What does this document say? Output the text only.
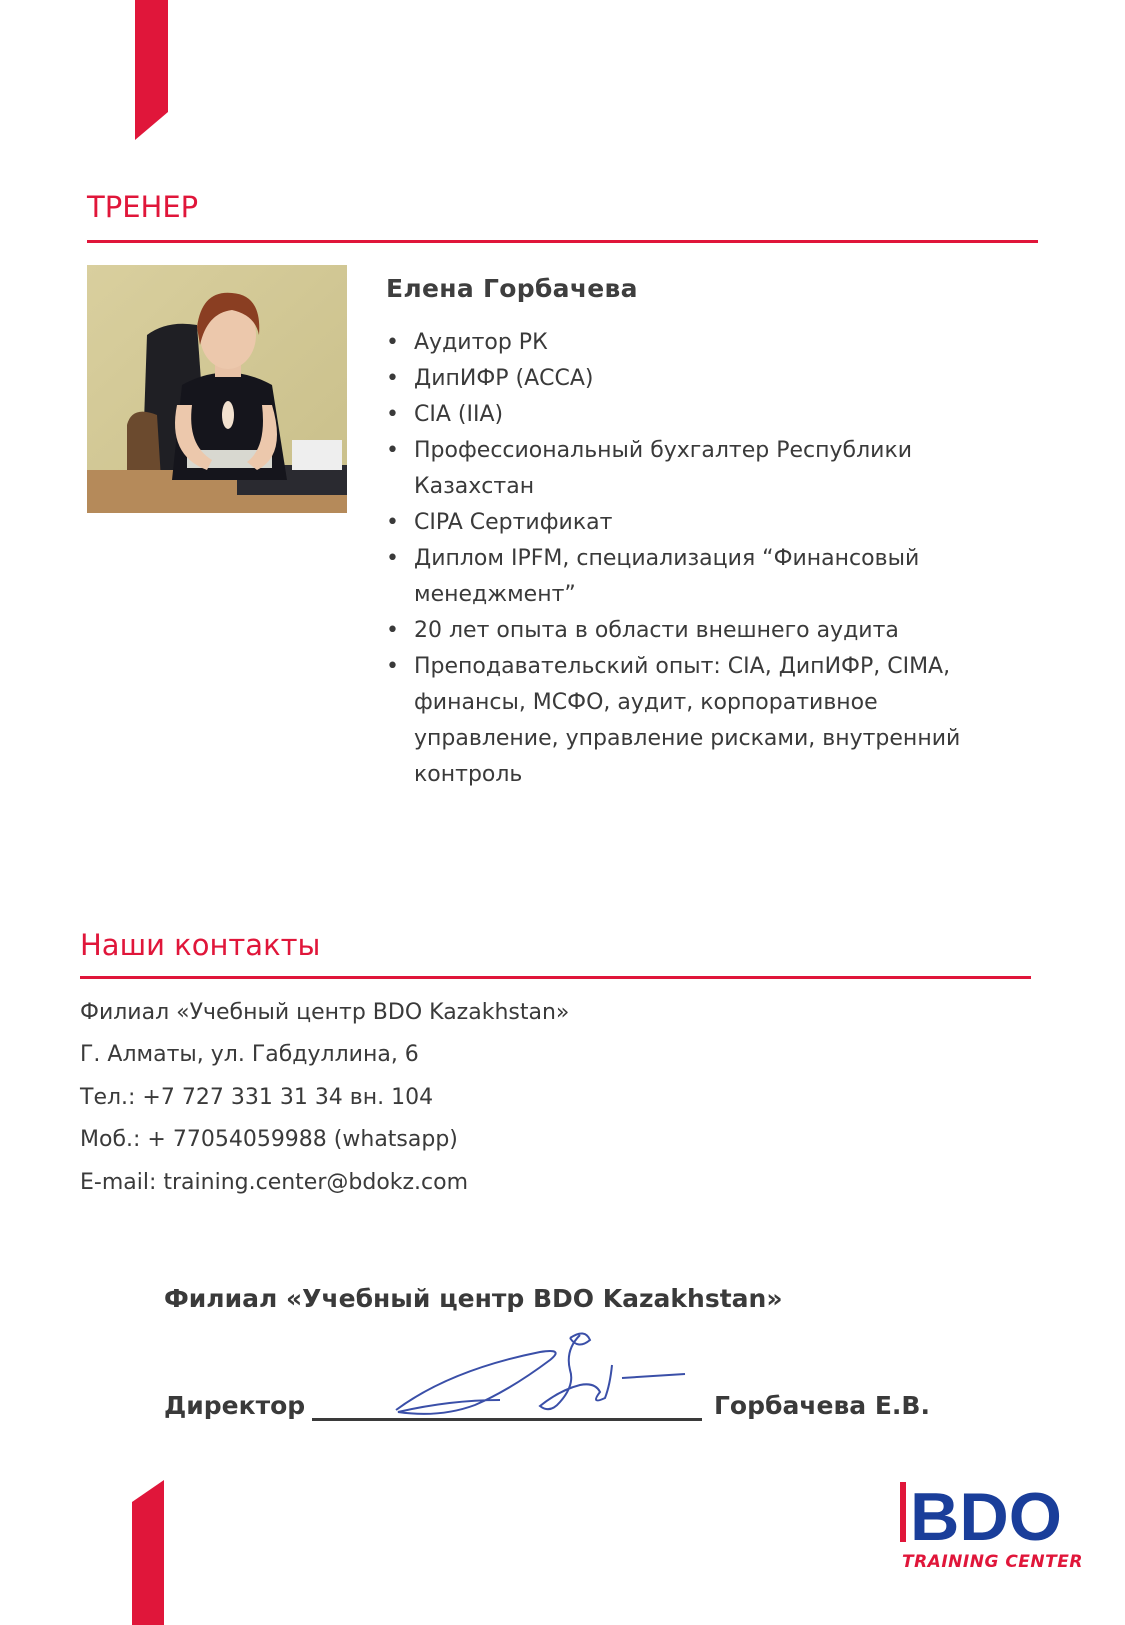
ТРЕНЕР
Елена Горбачева
• Аудитор РК
• ДипИФР (АССА)
• CIA (IIA)
• Профессиональный бухгалтер Республики Казахстан
• CIPA Сертификат
• Диплом IPFM, специализация “Финансовый менеджмент”
• 20 лет опыта в области внешнего аудита
• Преподавательский опыт: CIA, ДипИФР, CIMA, финансы, МСФО, аудит, корпоративное управление, управление рисками, внутренний контроль
Наши контакты

Филиал «Учебный центр BDO Kazakhstan»

Г. Алматы, ул. Габдуллина, 6

Тел.: +7 727 331 31 34 вн. 104

Моб.: + 77054059988 (whatsapp)

E-mail: training.center@bdokz.com

Филиал «Учебный центр BDO Kazakhstan»

Директор	Горбачева Е.В.

BDO

TRAINING CENTER
